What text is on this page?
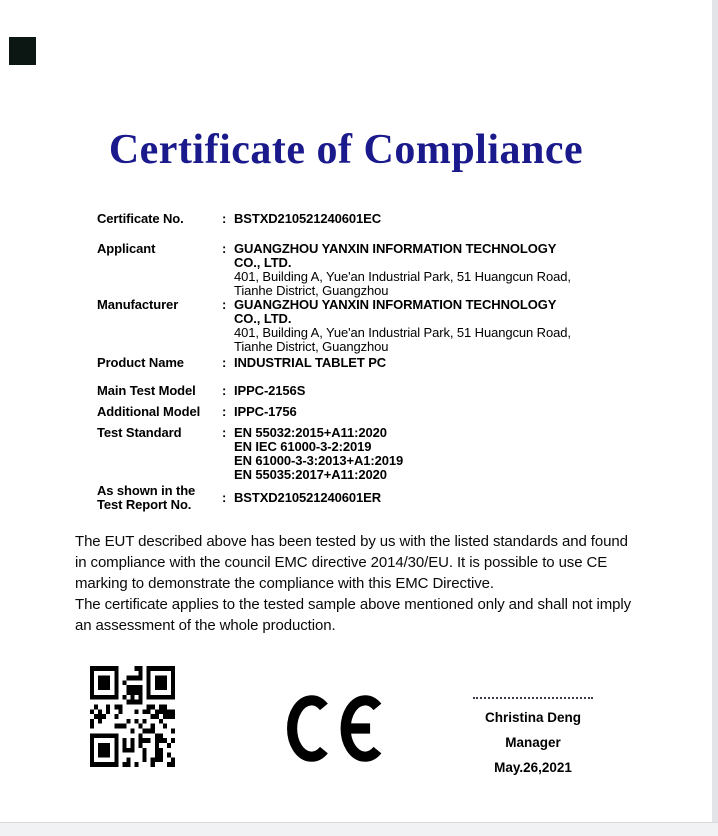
Certificate of Compliance
Certificate No.	: BSTXD210521240601EC
Applicant	: GUANGZHOU YANXIN INFORMATION TECHNOLOGY
CO., LTD.
401, Building A, Yue'an Industrial Park, 51 Huangcun Road,
Tianhe District, Guangzhou
Manufacturer	: GUANGZHOU YANXIN INFORMATION TECHNOLOGY
CO., LTD.
401, Building A, Yue'an Industrial Park, 51 Huangcun Road,
Tianhe District, Guangzhou
Product Name	: INDUSTRIAL TABLET PC
Main Test Model	: IPPC-2156S
Additional Model	: IPPC-1756
Test Standard	: EN 55032:2015+A11:2020
EN IEC 61000-3-2:2019
EN 61000-3-3:2013+A1:2019
EN 55035:2017+A11:2020
As shown in the
Test Report No.	: BSTXD210521240601ER
The EUT described above has been tested by us with the listed standards and found
in compliance with the council EMC directive 2014/30/EU. It is possible to use CE
marking to demonstrate the compliance with this EMC Directive.
The certificate applies to the tested sample above mentioned only and shall not imply
an assessment of the whole production.
Christina Deng
Manager
May.26,2021
